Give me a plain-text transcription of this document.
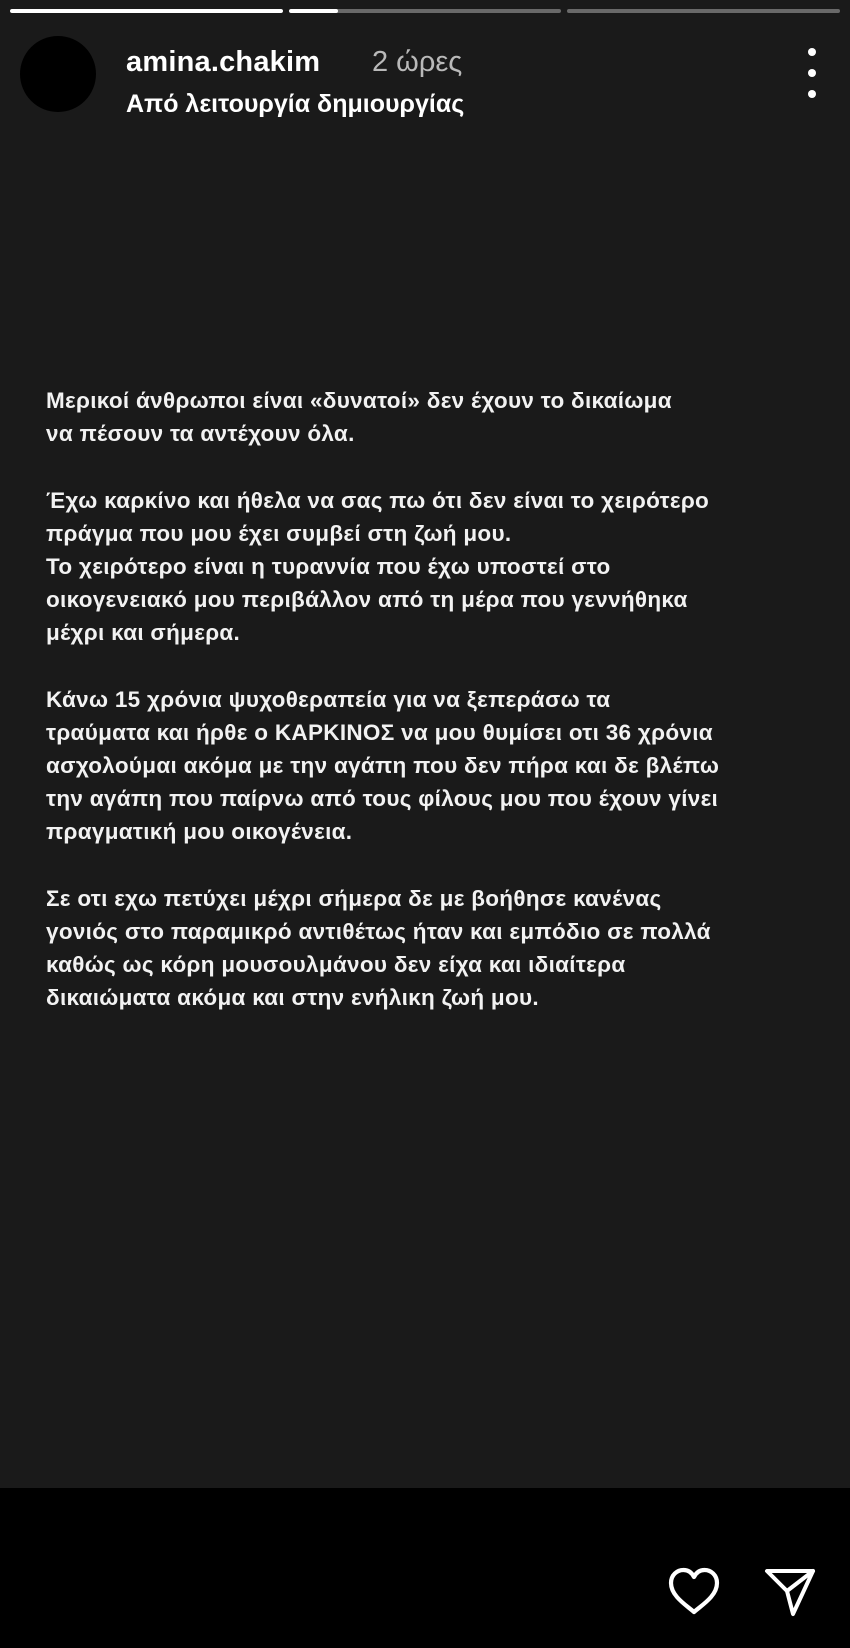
amina.chakim 2 ώρες
Από λειτουργία δημιουργίας

Μερικοί άνθρωποι είναι «δυνατοί» δεν έχουν το δικαίωμα
να πέσουν τα αντέχουν όλα.

Έχω καρκίνο και ήθελα να σας πω ότι δεν είναι το χειρότερο
πράγμα που μου έχει συμβεί στη ζωή μου.
Το χειρότερο είναι η τυραννία που έχω υποστεί στο
οικογενειακό μου περιβάλλον από τη μέρα που γεννήθηκα
μέχρι και σήμερα.

Κάνω 15 χρόνια ψυχοθεραπεία για να ξεπεράσω τα
τραύματα και ήρθε ο ΚΑΡΚΙΝΟΣ να μου θυμίσει οτι 36 χρόνια
ασχολούμαι ακόμα με την αγάπη που δεν πήρα και δε βλέπω
την αγάπη που παίρνω από τους φίλους μου που έχουν γίνει
πραγματική μου οικογένεια.

Σε οτι εχω πετύχει μέχρι σήμερα δε με βοήθησε κανένας
γονιός στο παραμικρό αντιθέτως ήταν και εμπόδιο σε πολλά
καθώς ως κόρη μουσουλμάνου δεν είχα και ιδιαίτερα
δικαιώματα ακόμα και στην ενήλικη ζωή μου.
